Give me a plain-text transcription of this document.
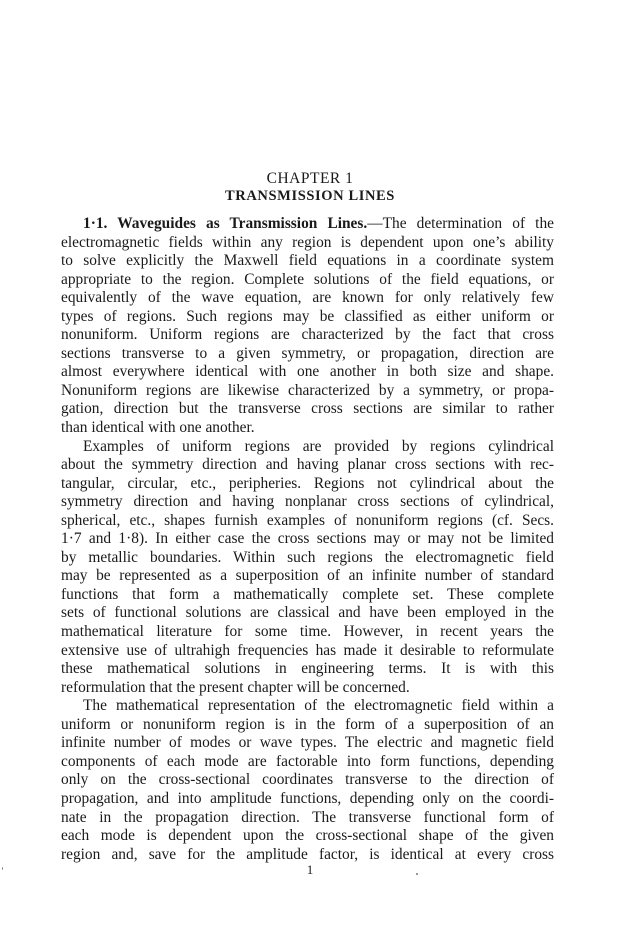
CHAPTER 1
TRANSMISSION LINES
1·1. Waveguides as Transmission Lines.—The determination of the
electromagnetic fields within any region is dependent upon one’s ability
to solve explicitly the Maxwell field equations in a coordinate system
appropriate to the region. Complete solutions of the field equations, or
equivalently of the wave equation, are known for only relatively few
types of regions. Such regions may be classified as either uniform or
nonuniform. Uniform regions are characterized by the fact that cross
sections transverse to a given symmetry, or propagation, direction are
almost everywhere identical with one another in both size and shape.
Nonuniform regions are likewise characterized by a symmetry, or propa-
gation, direction but the transverse cross sections are similar to rather
than identical with one another.
Examples of uniform regions are provided by regions cylindrical
about the symmetry direction and having planar cross sections with rec-
tangular, circular, etc., peripheries. Regions not cylindrical about the
symmetry direction and having nonplanar cross sections of cylindrical,
spherical, etc., shapes furnish examples of nonuniform regions (cf. Secs.
1·7 and 1·8). In either case the cross sections may or may not be limited
by metallic boundaries. Within such regions the electromagnetic field
may be represented as a superposition of an infinite number of standard
functions that form a mathematically complete set. These complete
sets of functional solutions are classical and have been employed in the
mathematical literature for some time. However, in recent years the
extensive use of ultrahigh frequencies has made it desirable to reformulate
these mathematical solutions in engineering terms. It is with this
reformulation that the present chapter will be concerned.
The mathematical representation of the electromagnetic field within a
uniform or nonuniform region is in the form of a superposition of an
infinite number of modes or wave types. The electric and magnetic field
components of each mode are factorable into form functions, depending
only on the cross-sectional coordinates transverse to the direction of
propagation, and into amplitude functions, depending only on the coordi-
nate in the propagation direction. The transverse functional form of
each mode is dependent upon the cross-sectional shape of the given
region and, save for the amplitude factor, is identical at every cross
1
